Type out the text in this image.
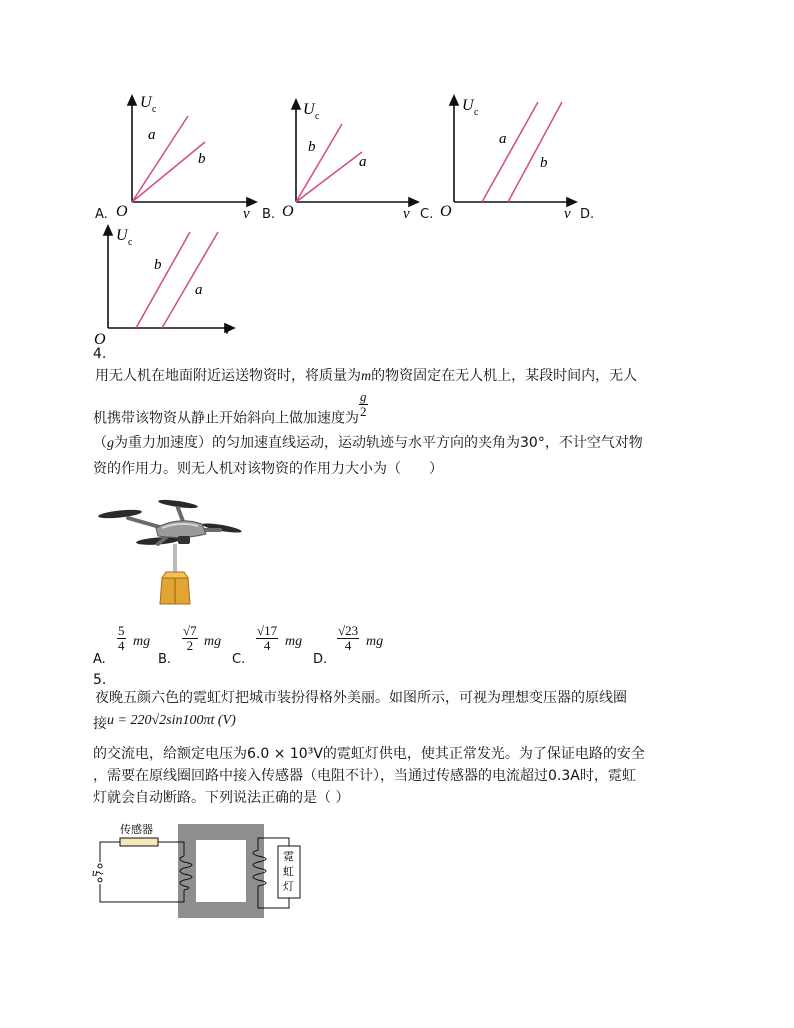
U c
a
b
O	v
A.
U c
b
a
O	v
B.
U c
a
b
O	v
C.	D.
U c
b
a
O
v
4.
用无人机在地面附近运送物资时，将质量为m的物资固定在无人机上，某段时间内，无人
机携带该物资从静止开始斜向上做加速度为 $\frac{g}{2}$
（g为重力加速度）的匀加速直线运动，运动轨迹与水平方向的夹角为30°，不计空气对物
资的作用力。则无人机对该物资的作用力大小为（　　）
A.
$\frac{5}{4}$ mg
B.
$\frac{√7}{2}$ mg
C.
$\frac{√17}{4}$ mg
D.
$\frac{√23}{4}$ mg
5.
夜晚五颜六色的霓虹灯把城市装扮得格外美丽。如图所示，可视为理想变压器的原线圈
接u = 220√2sin100πt (V)
的交流电，给额定电压为6.0 × 10³V的霓虹灯供电，使其正常发光。为了保证电路的安全
，需要在原线圈回路中接入传感器（电阻不计），当通过传感器的电流超过0.3A时，霓虹
灯就会自动断路。下列说法正确的是（ ）
传感器
u
霓
虹
灯
